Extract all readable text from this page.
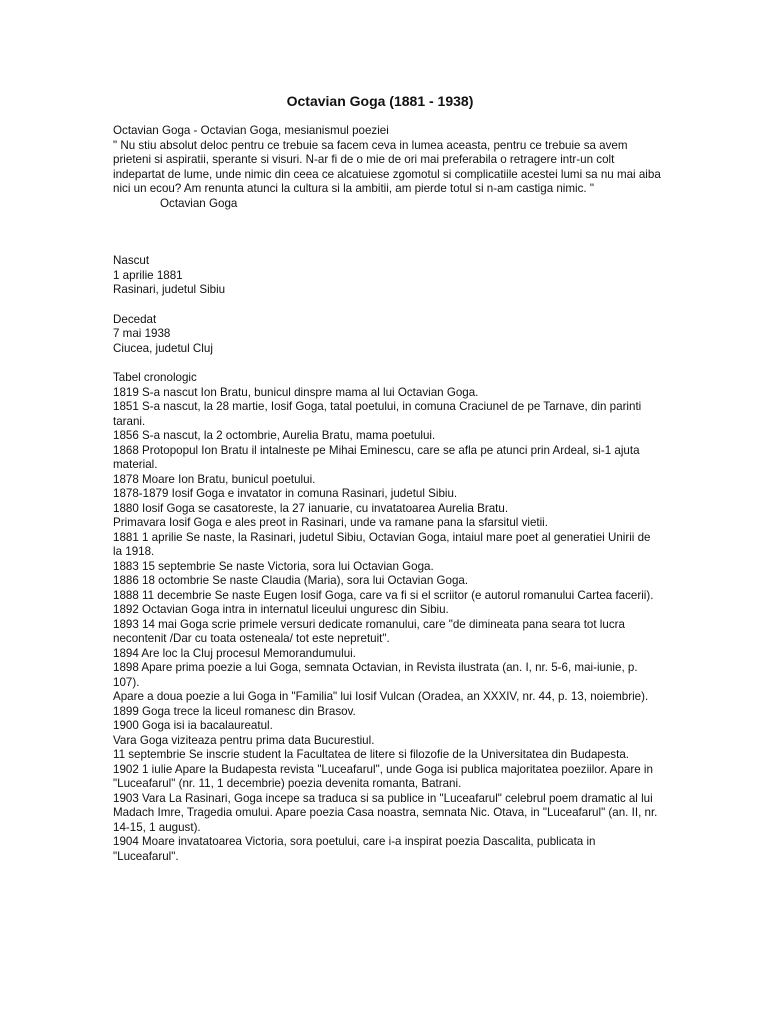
Octavian Goga (1881 - 1938)

Octavian Goga - Octavian Goga, mesianismul poeziei

" Nu stiu absolut deloc pentru ce trebuie sa facem ceva in lumea aceasta, pentru ce trebuie sa avem prieteni si aspiratii, sperante si visuri. N-ar fi de o mie de ori mai preferabila o retragere intr-un colt indepartat de lume, unde nimic din ceea ce alcatuiese zgomotul si complicatiile acestei lumi sa nu mai aiba nici un ecou? Am renunta atunci la cultura si la ambitii, am pierde totul si n-am castiga nimic. "

Octavian Goga

Nascut

1 aprilie 1881

Rasinari, judetul Sibiu

Decedat

7 mai 1938

Ciucea, judetul Cluj

Tabel cronologic

1819 S-a nascut Ion Bratu, bunicul dinspre mama al lui Octavian Goga.

1851 S-a nascut, la 28 martie, Iosif Goga, tatal poetului, in comuna Craciunel de pe Tarnave, din parinti tarani.

1856 S-a nascut, la 2 octombrie, Aurelia Bratu, mama poetului.

1868 Protopopul Ion Bratu il intalneste pe Mihai Eminescu, care se afla pe atunci prin Ardeal, si-1 ajuta material.

1878 Moare Ion Bratu, bunicul poetului.

1878-1879 Iosif Goga e invatator in comuna Rasinari, judetul Sibiu.

1880 Iosif Goga se casatoreste, la 27 ianuarie, cu invatatoarea Aurelia Bratu.

Primavara Iosif Goga e ales preot in Rasinari, unde va ramane pana la sfarsitul vietii.

1881 1 aprilie Se naste, la Rasinari, judetul Sibiu, Octavian Goga, intaiul mare poet al generatiei Unirii de la 1918.

1883 15 septembrie Se naste Victoria, sora lui Octavian Goga.

1886 18 octombrie Se naste Claudia (Maria), sora lui Octavian Goga.

1888 11 decembrie Se naste Eugen Iosif Goga, care va fi si el scriitor (e autorul romanului Cartea facerii).

1892 Octavian Goga intra in internatul liceului unguresc din Sibiu.

1893 14 mai Goga scrie primele versuri dedicate romanului, care "de dimineata pana seara tot lucra necontenit /Dar cu toata osteneala/ tot este nepretuit".

1894 Are loc la Cluj procesul Memorandumului.

1898 Apare prima poezie a lui Goga, semnata Octavian, in Revista ilustrata (an. I, nr. 5-6, mai-iunie, p. 107).

Apare a doua poezie a lui Goga in "Familia" lui Iosif Vulcan (Oradea, an XXXIV, nr. 44, p. 13, noiembrie).

1899 Goga trece la liceul romanesc din Brasov.

1900 Goga isi ia bacalaureatul.

Vara Goga viziteaza pentru prima data Bucurestiul.

11 septembrie Se inscrie student la Facultatea de litere si filozofie de la Universitatea din Budapesta.

1902 1 iulie Apare la Budapesta revista "Luceafarul", unde Goga isi publica majoritatea poeziilor. Apare in "Luceafarul" (nr. 11, 1 decembrie) poezia devenita romanta, Batrani.

1903 Vara La Rasinari, Goga incepe sa traduca si sa publice in "Luceafarul" celebrul poem dramatic al lui Madach Imre, Tragedia omului. Apare poezia Casa noastra, semnata Nic. Otava, in "Luceafarul" (an. II, nr. 14-15, 1 august).

1904 Moare invatatoarea Victoria, sora poetului, care i-a inspirat poezia Dascalita, publicata in "Luceafarul".
